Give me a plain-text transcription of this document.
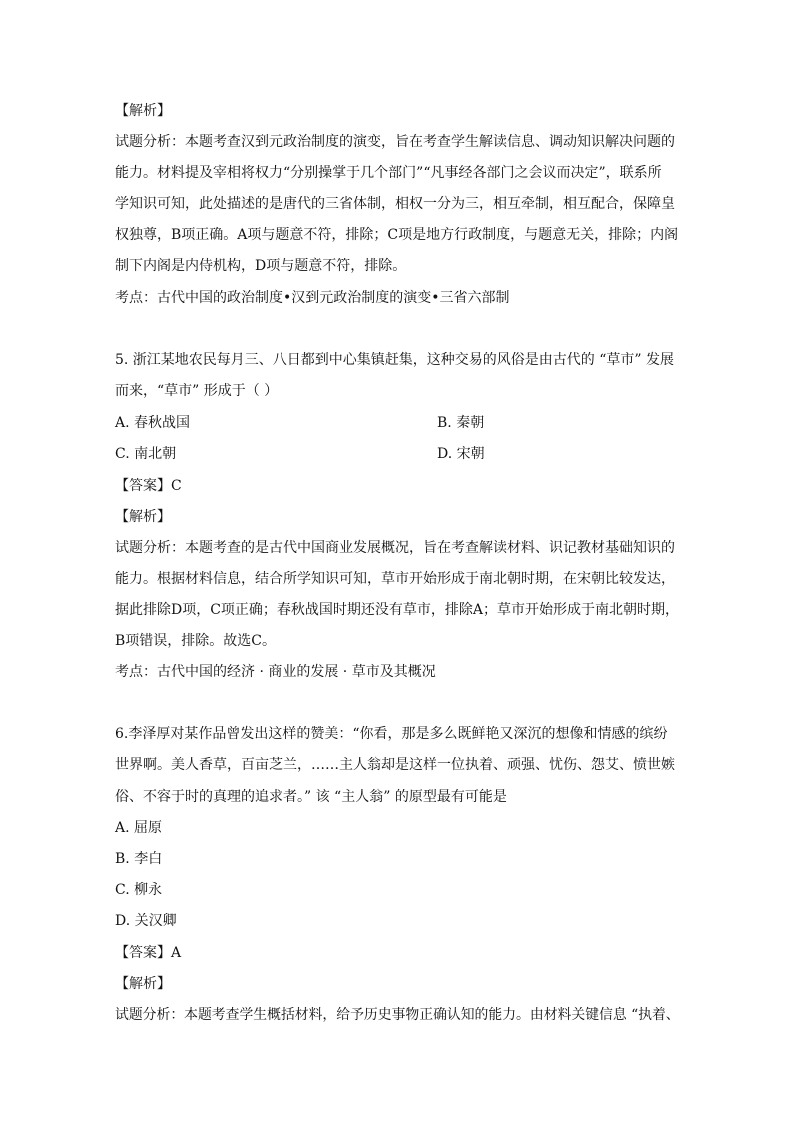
【解析】
试题分析：本题考查汉到元政治制度的演变，旨在考查学生解读信息、调动知识解决问题的
能力。材料提及宰相将权力“分别操掌于几个部门”“凡事经各部门之会议而决定”，联系所
学知识可知，此处描述的是唐代的三省体制，相权一分为三，相互牵制，相互配合，保障皇
权独尊，B项正确。A项与题意不符，排除；C项是地方行政制度，与题意无关，排除；内阁
制下内阁是内侍机构，D项与题意不符，排除。
考点：古代中国的政治制度•汉到元政治制度的演变•三省六部制
5. 浙江某地农民每月三、八日都到中心集镇赶集，这种交易的风俗是由古代的 “草市” 发展
而来，“草市” 形成于（ ）
A. 春秋战国	B. 秦朝
C. 南北朝	D. 宋朝
【答案】C
【解析】
试题分析：本题考查的是古代中国商业发展概况，旨在考查解读材料、识记教材基础知识的
能力。根据材料信息，结合所学知识可知，草市开始形成于南北朝时期，在宋朝比较发达，
据此排除D项，C项正确；春秋战国时期还没有草市，排除A；草市开始形成于南北朝时期，
B项错误，排除。故选C。
考点：古代中国的经济 · 商业的发展 · 草市及其概况
6.李泽厚对某作品曾发出这样的赞美：“你看，那是多么既鲜艳又深沉的想像和情感的缤纷
世界啊。美人香草，百亩芝兰，……主人翁却是这样一位执着、顽强、忧伤、怨艾、愤世嫉
俗、不容于时的真理的追求者。” 该 “主人翁” 的原型最有可能是
A. 屈原
B. 李白
C. 柳永
D. 关汉卿
【答案】A
【解析】
试题分析：本题考查学生概括材料，给予历史事物正确认知的能力。由材料关键信息 “执着、
